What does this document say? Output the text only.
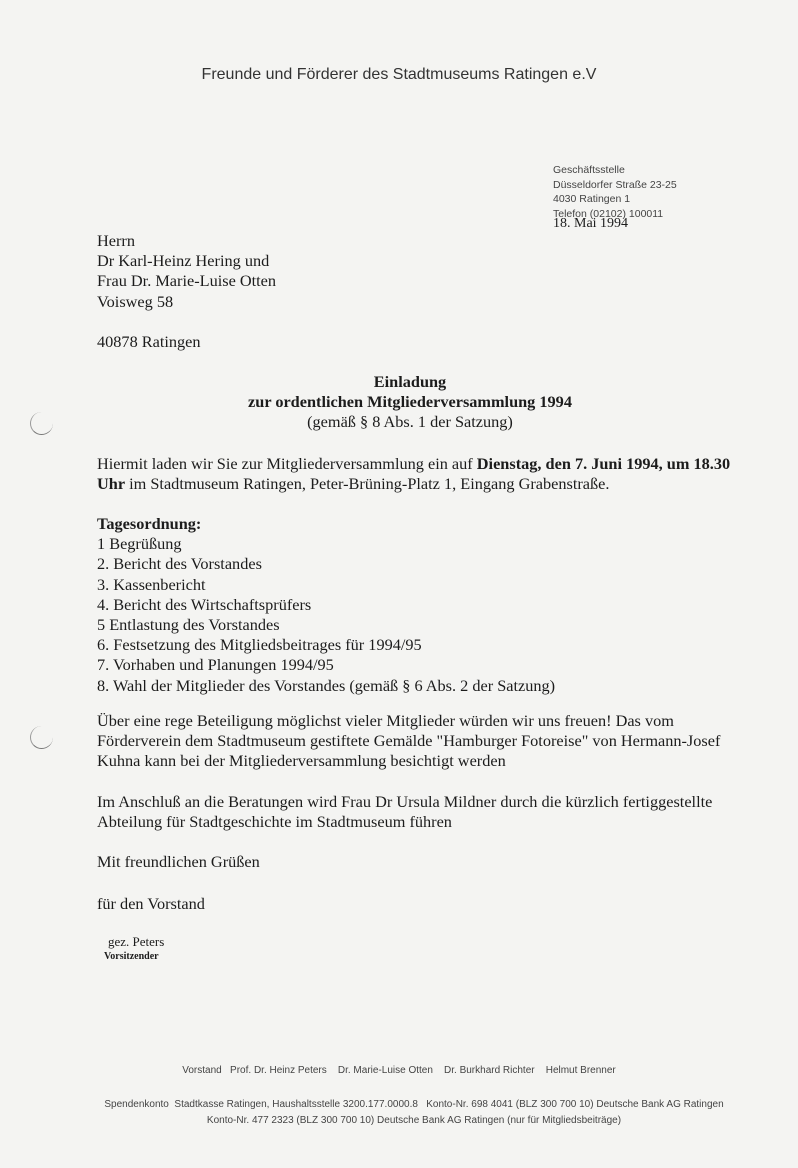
Freunde und Förderer des Stadtmuseums Ratingen e.V
Geschäftsstelle
Düsseldorfer Straße 23-25
4030 Ratingen 1
Telefon (02102) 100011
18. Mai 1994
Herrn
Dr Karl-Heinz Hering und
Frau Dr. Marie-Luise Otten
Voisweg 58
40878 Ratingen
Einladung
zur ordentlichen Mitgliederversammlung 1994
(gemäß § 8 Abs. 1 der Satzung)

Hiermit laden wir Sie zur Mitgliederversammlung ein auf Dienstag, den 7. Juni 1994, um 18.30 Uhr im Stadtmuseum Ratingen, Peter-Brüning-Platz 1, Eingang Grabenstraße.

Tagesordnung:
1 Begrüßung
2. Bericht des Vorstandes
3. Kassenbericht
4. Bericht des Wirtschaftsprüfers
5 Entlastung des Vorstandes
6. Festsetzung des Mitgliedsbeitrages für 1994/95
7. Vorhaben und Planungen 1994/95
8. Wahl der Mitglieder des Vorstandes (gemäß § 6 Abs. 2 der Satzung)

Über eine rege Beteiligung möglichst vieler Mitglieder würden wir uns freuen! Das vom Förderverein dem Stadtmuseum gestiftete Gemälde "Hamburger Fotoreise" von Hermann-Josef Kuhna kann bei der Mitgliederversammlung besichtigt werden

Im Anschluß an die Beratungen wird Frau Dr Ursula Mildner durch die kürzlich fertiggestellte Abteilung für Stadtgeschichte im Stadtmuseum führen

Mit freundlichen Grüßen
für den Vorstand
gez. Peters
Vorsitzender
Vorstand   Prof. Dr. Heinz Peters    Dr. Marie-Luise Otten    Dr. Burkhard Richter    Helmut Brenner
Spendenkonto  Stadtkasse Ratingen, Haushaltsstelle 3200.177.0000.8   Konto-Nr. 698 4041 (BLZ 300 700 10) Deutsche Bank AG Ratingen
Konto-Nr. 477 2323 (BLZ 300 700 10) Deutsche Bank AG Ratingen (nur für Mitgliedsbeiträge)
